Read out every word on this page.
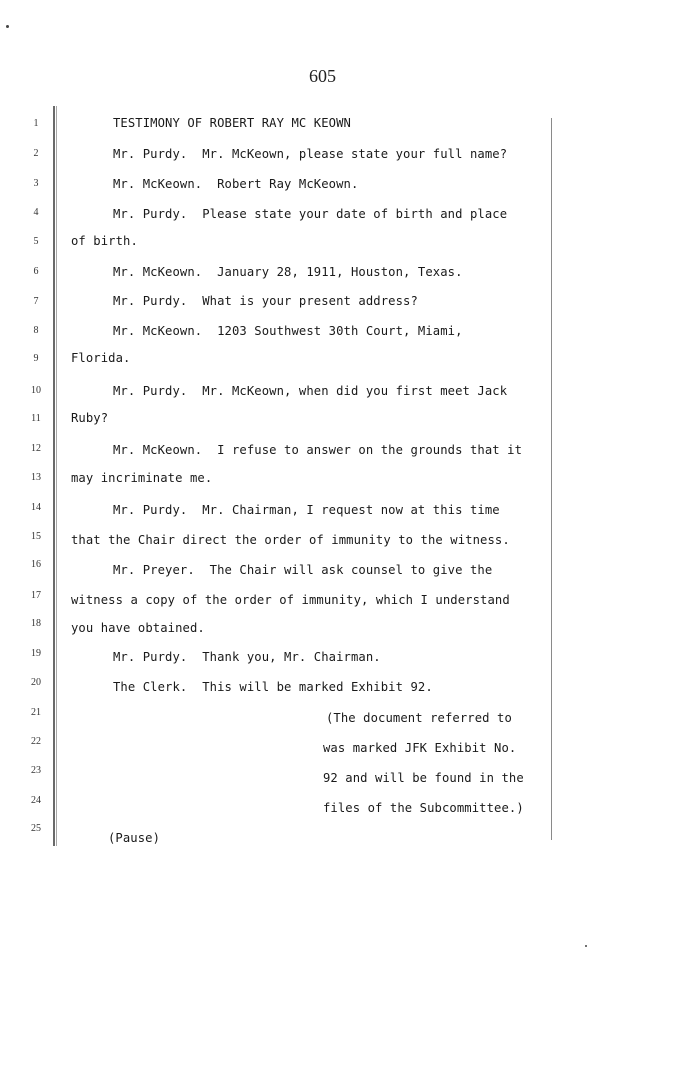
605
1
2
3
4
5
6
7
8
9
10
11
12
13
14
15
16
17
18
19
20
21
22
23
24
25
TESTIMONY OF ROBERT RAY MC KEOWN
Mr. Purdy.  Mr. McKeown, please state your full name?
Mr. McKeown.  Robert Ray McKeown.
Mr. Purdy.  Please state your date of birth and place
of birth.
Mr. McKeown.  January 28, 1911, Houston, Texas.
Mr. Purdy.  What is your present address?
Mr. McKeown.  1203 Southwest 30th Court, Miami,
Florida.
Mr. Purdy.  Mr. McKeown, when did you first meet Jack
Ruby?
Mr. McKeown.  I refuse to answer on the grounds that it
may incriminate me.
Mr. Purdy.  Mr. Chairman, I request now at this time
that the Chair direct the order of immunity to the witness.
Mr. Preyer.  The Chair will ask counsel to give the
witness a copy of the order of immunity, which I understand
you have obtained.
Mr. Purdy.  Thank you, Mr. Chairman.
The Clerk.  This will be marked Exhibit 92.
(The document referred to
was marked JFK Exhibit No.
92 and will be found in the
files of the Subcommittee.)
(Pause)
